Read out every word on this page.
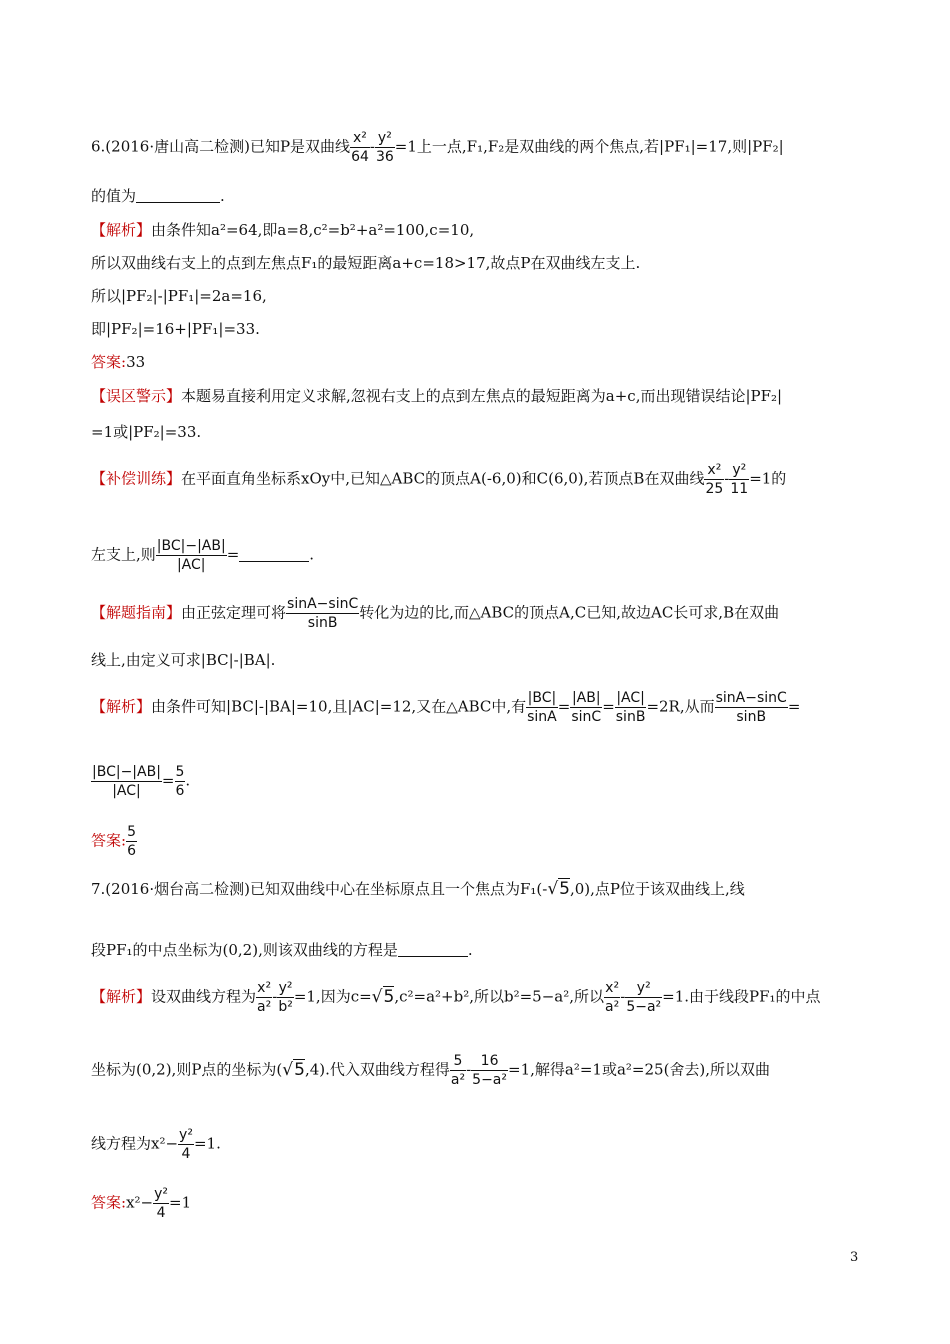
6.(2016·唐山高二检测)已知P是双曲线 $\frac{\text{x²}}{64} - \frac{\text{y²}}{36} =1$上一点,F₁,F₂是双曲线的两个焦点,若|PF₁|=17,则|PF₂|
的值为	.
【解析】由条件知a²=64,即a=8,c²=b²+a²=100,c=10,
所以双曲线右支上的点到左焦点F₁的最短距离a+c=18>17,故点P在双曲线左支上.
所以|PF₂|-|PF₁|=2a=16,
即|PF₂|=16+|PF₁|=33.
答案:33
【误区警示】本题易直接利用定义求解,忽视右支上的点到左焦点的最短距离为a+c,而出现错误结论|PF₂|
=1或|PF₂|=33.
【补偿训练】在平面直角坐标系xOy中,已知△ABC的顶点A(-6,0)和C(6,0),若顶点B在双曲线 $\frac{\text{x²}}{25} - \frac{\text{y²}}{11} =1$的
左支上,则 $\frac{|BC|-|AB|}{|AC|}$ =	.
【解题指南】由正弦定理可将 $\frac{\sin A-\sin C}{\sin B}$ 转化为边的比,而△ABC的顶点A,C已知,故边AC长可求,B在双曲
线上,由定义可求|BC|-|BA|.
【解析】由条件可知|BC|-|BA|=10,且|AC|=12,又在△ABC中,有 $\frac{|BC|}{\sin A} = \frac{|AB|}{\sin C} = \frac{|AC|}{\sin B} =2R$,从而 $\frac{\sin A-\sin C}{\sin B}$ =
$\frac{|BC|-|AB|}{|AC|} = \frac{5}{6}$ .
答案: $\frac{5}{6}$
7.(2016·烟台高二检测)已知双曲线中心在坐标原点且一个焦点为F₁(-√5,0),点P位于该双曲线上,线
段PF₁的中点坐标为(0,2),则该双曲线的方程是	.
【解析】设双曲线方程为 $\frac{\text{x²}}{\text{a²}} - \frac{\text{y²}}{\text{b²}} =1$,因为c=√5,c²=a²+b²,所以b²=5−a²,所以 $\frac{\text{x²}}{\text{a²}} - \frac{\text{y²}}{\text{5−a²}} =1$.由于线段PF₁的中点
坐标为(0,2),则P点的坐标为(√5,4).代入双曲线方程得 $\frac{5}{\text{a²}} - \frac{16}{\text{5−a²}} =1$,解得a²=1或a²=25(舍去),所以双曲
线方程为$x^2- \frac{\text{y²}}{4} =1$.
答案:x²− $\frac{\text{y²}}{4} =1$
3
